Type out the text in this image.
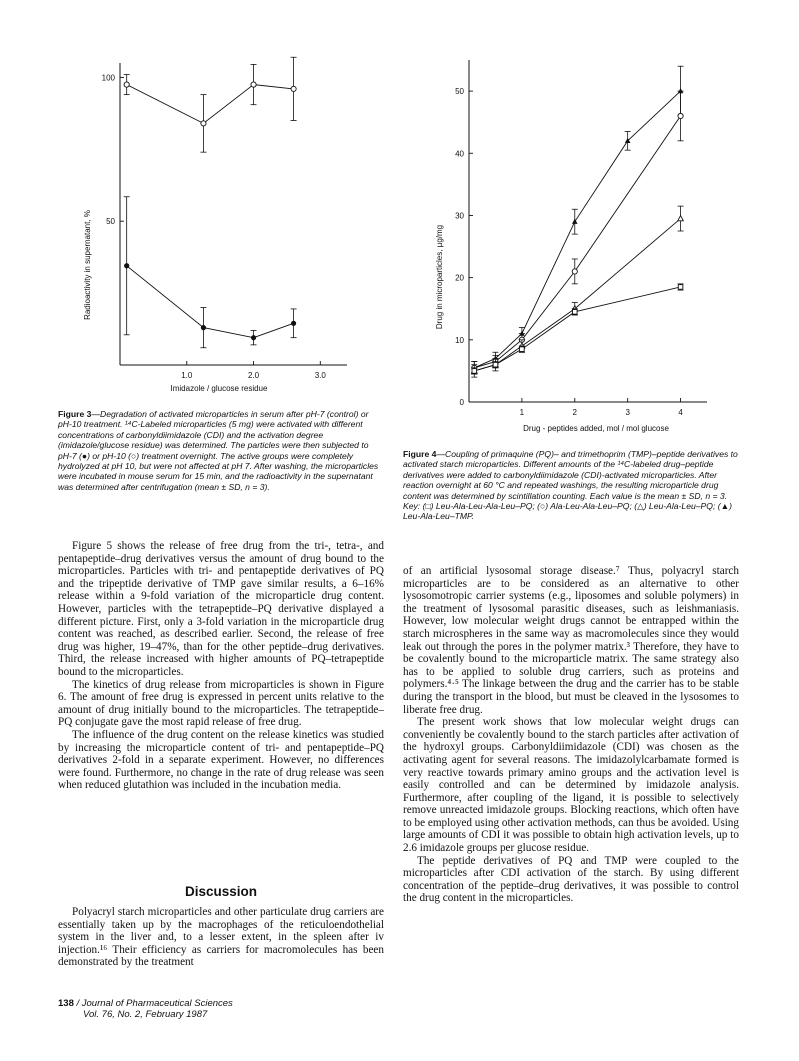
Radioactivity in supernatant, %
Imidazole / glucose residue
1.0	2.0	3.0
50
100
Drug in microparticles, µg/mg
Drug - peptides added, mol / mol glucose
1	2	3	4
10
20
30
40
50
0
Figure 3—Degradation of activated microparticles in serum after pH-7 (control) or pH-10 treatment. ¹⁴C-Labeled microparticles (5 mg) were activated with different concentrations of carbonyldiimidazole (CDI) and the activation degree (imidazole/glucose residue) was determined. The particles were then subjected to pH-7 (●) or pH-10 (○) treatment overnight. The active groups were completely hydrolyzed at pH 10, but were not affected at pH 7. After washing, the microparticles were incubated in mouse serum for 15 min, and the radioactivity in the supernatant was determined after centrifugation (mean ± SD, n = 3).
Figure 4—Coupling of primaquine (PQ)– and trimethoprim (TMP)–peptide derivatives to activated starch microparticles. Different amounts of the ¹⁴C-labeled drug–peptide derivatives were added to carbonyldiimidazole (CDI)-activated microparticles. After reaction overnight at 60 °C and repeated washings, the resulting microparticle drug content was determined by scintillation counting. Each value is the mean ± SD, n = 3. Key: (□) Leu-Ala-Leu-Ala-Leu–PQ; (○) Ala-Leu-Ala-Leu–PQ; (△) Leu-Ala-Leu–PQ; (▲) Leu-Ala-Leu–TMP.

Figure 5 shows the release of free drug from the tri-, tetra-, and pentapeptide–drug derivatives versus the amount of drug bound to the microparticles. Particles with tri- and pentapeptide derivatives of PQ and the tripeptide derivative of TMP gave similar results, a 6–16% release within a 9-fold variation of the microparticle drug content. However, particles with the tetrapeptide–PQ derivative displayed a different picture. First, only a 3-fold variation in the microparticle drug content was reached, as described earlier. Second, the release of free drug was higher, 19–47%, than for the other peptide–drug derivatives. Third, the release increased with higher amounts of PQ–tetrapeptide bound to the microparticles.

The kinetics of drug release from microparticles is shown in Figure 6. The amount of free drug is expressed in percent units relative to the amount of drug initially bound to the microparticles. The tetrapeptide–PQ conjugate gave the most rapid release of free drug.

The influence of the drug content on the release kinetics was studied by increasing the microparticle content of tri- and pentapeptide–PQ derivatives 2-fold in a separate experiment. However, no differences were found. Furthermore, no change in the rate of drug release was seen when reduced glutathion was included in the incubation media.

Discussion

Polyacryl starch microparticles and other particulate drug carriers are essentially taken up by the macrophages of the reticuloendothelial system in the liver and, to a lesser extent, in the spleen after iv injection.¹⁶ Their efficiency as carriers for macromolecules has been demonstrated by the treatment

of an artificial lysosomal storage disease.⁷ Thus, polyacryl starch microparticles are to be considered as an alternative to other lysosomotropic carrier systems (e.g., liposomes and soluble polymers) in the treatment of lysosomal parasitic diseases, such as leishmaniasis. However, low molecular weight drugs cannot be entrapped within the starch microspheres in the same way as macromolecules since they would leak out through the pores in the polymer matrix.³ Therefore, they have to be covalently bound to the microparticle matrix. The same strategy also has to be applied to soluble drug carriers, such as proteins and polymers.⁴·⁵ The linkage between the drug and the carrier has to be stable during the transport in the blood, but must be cleaved in the lysosomes to liberate free drug.

The present work shows that low molecular weight drugs can conveniently be covalently bound to the starch particles after activation of the hydroxyl groups. Carbonyldiimidazole (CDI) was chosen as the activating agent for several reasons. The imidazolylcarbamate formed is very reactive towards primary amino groups and the activation level is easily controlled and can be determined by imidazole analysis. Furthermore, after coupling of the ligand, it is possible to selectively remove unreacted imidazole groups. Blocking reactions, which often have to be employed using other activation methods, can thus be avoided. Using large amounts of CDI it was possible to obtain high activation levels, up to 2.6 imidazole groups per glucose residue.

The peptide derivatives of PQ and TMP were coupled to the microparticles after CDI activation of the starch. By using different concentration of the peptide–drug derivatives, it was possible to control the drug content in the microparticles.

138 / Journal of Pharmaceutical Sciences
Vol. 76, No. 2, February 1987
